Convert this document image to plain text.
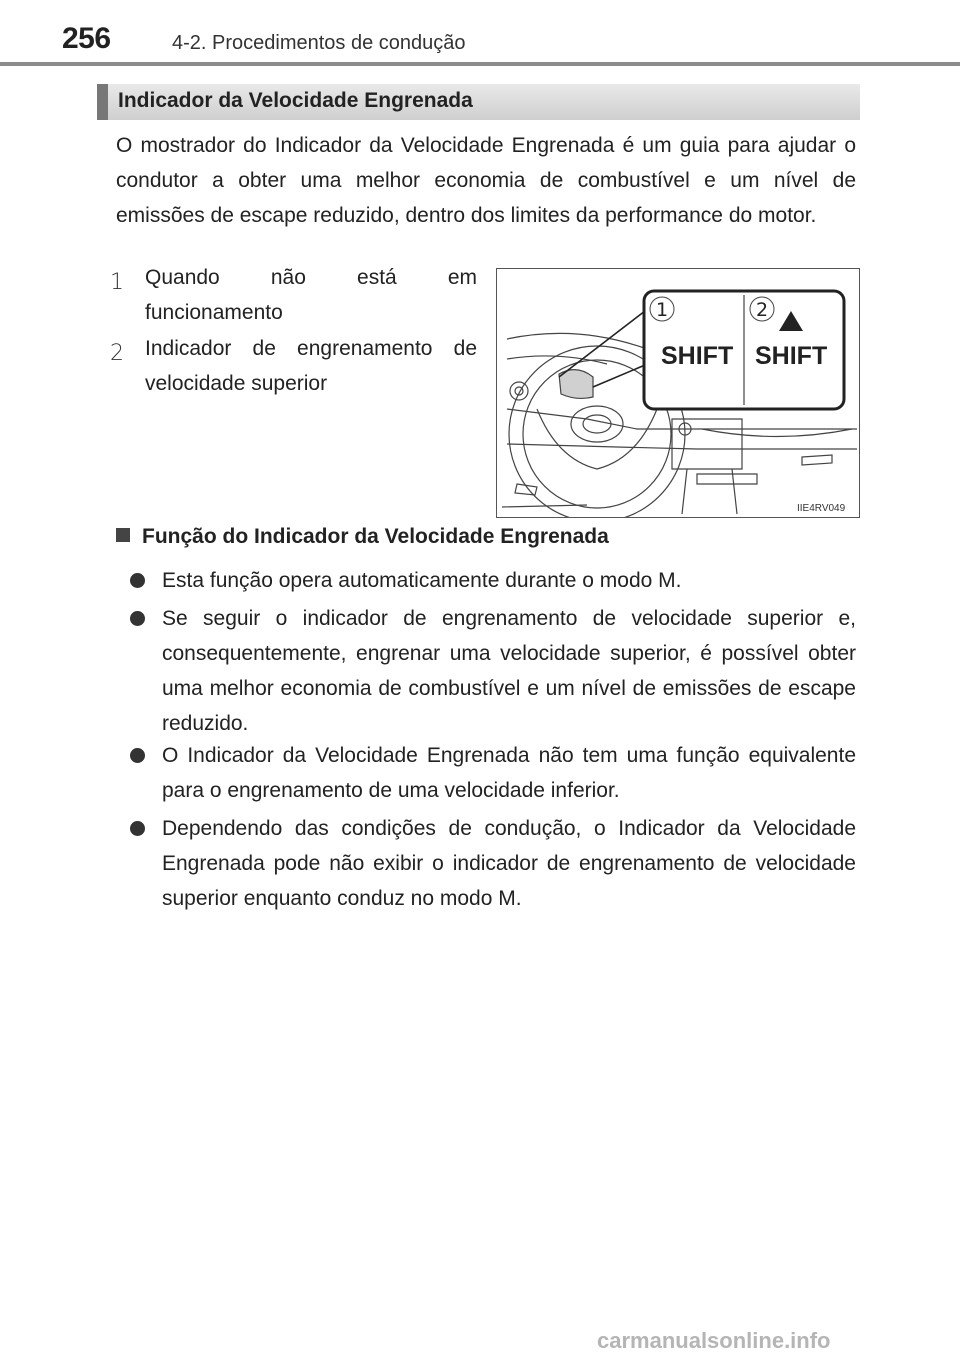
256	4-2. Procedimentos de condução
Indicador da Velocidade Engrenada
O mostrador do Indicador da Velocidade Engrenada é um guia para ajudar o condutor a obter uma melhor economia de combustível e um nível de emissões de escape reduzido, dentro dos limites da performance do motor.
1 Quando não está em funcionamento
2 Indicador de engrenamento de velocidade superior
1	2
SHIFT SHIFT
IIE4RV049
Função do Indicador da Velocidade Engrenada
Esta função opera automaticamente durante o modo M.
Se seguir o indicador de engrenamento de velocidade superior e, consequentemente, engrenar uma velocidade superior, é possível obter uma melhor economia de combustível e um nível de emissões de escape reduzido.
O Indicador da Velocidade Engrenada não tem uma função equivalente para o engrenamento de uma velocidade inferior.
Dependendo das condições de condução, o Indicador da Velocidade Engrenada pode não exibir o indicador de engrenamento de velocidade superior enquanto conduz no modo M.
carmanualsonline.info
